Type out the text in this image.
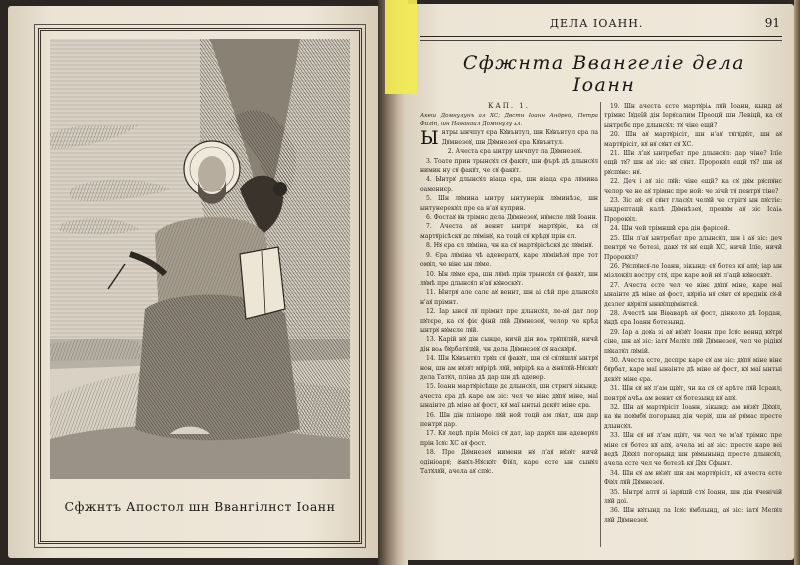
Сфжнтъ Апостол шн Ввангілнст Іоанн
ДЕЛА ІОАНН.	91
Сфжнта Ввангеліе дела Іоанн

КАП. 1.

Акеш Домнулунъ ал ХС; Двстн Іоанн Андрей, Петра Филіп, шн Наѳанаил Домннулу ѧл.

Ынтры ынчпут єра Кꙋвънтул, шн Кꙋвънтул єра ла Дꙋмнезеꙋ, шн Дꙋмнезеꙋ єра Кꙋвънтул.

2. Ачеста єра ынтру ынчпут ла Дꙋмнезеꙋ.

3. Тоате прин трынсꙋл сꙋ факꙋт, шн фърѣ дѣ длынсꙋл нимик ну сꙋ факꙋт, че сꙋ факꙋт.

4. Ынтрꙋ длынсꙋл віаца єра, шн віаца єра лꙋмина оамениєр.

5. Шн лꙋмина ынтру ынтунерік лꙋминѣзє, шн ынтунерекꙋл пре єа н'аꙋ куприн.

6. Фостаꙋ ꙋн трімнс дела Дꙋмнезеꙋ, нꙋмєле лꙋй Іоанн.

7. Ачеста аꙋ веннт ынтрꙋ мартꙋріє, ка сꙋ мартꙋрісѣскꙋ дє лꙋмінꙋ, ка тоцй сꙋ крѣдꙋ прін єл.

8. Нꙋ єра єл лꙋміна, чн ка сꙋ мартꙋрісѣскꙋ дє лꙋмінꙋ.

9. Єра лꙋміна чѣ адевератꙋ, каре лꙋмінѣзꙋ пре тот омꙋл, че вінє ын лꙋме.

10. Ын лꙋме єра, шн лꙋмѣ прін трынсꙋл сꙋ факꙋт, шн лꙋмѣ пре длынсꙋл н'аꙋ кꙋноскꙋт.

11. Ынтрꙋ але салє аꙋ веннт, шн аі сѣй пре длынсꙋл н'аꙋ прімнт.

12. Іар ынсꙋ лꙋ прімнт пре длынсꙋл, ле-аꙋ дат лор пꙋтєре, ка сꙋ фіє фінй лꙋй Дꙋмнезеꙋ, челор че крѣд ынтрꙋ нꙋмєле лꙋй.

13. Карій нꙋ дін сынџе, ничй дін воѧ трꙋпꙋлꙋй, ничй дін воѧ бꙋрбатꙋлꙋй, чн дела Дꙋмнезеꙋ сꙋ наскꙋрꙋ.

14. Шн Кꙋвънтꙋл трꙋп сꙋ факꙋт, шн сꙋ сꙋлꙋшлꙋ ынтрꙋ нон, шн ам вꙋзꙋт мꙋрірѣ лꙋй, мꙋрірѣ ка а Ꙋнꙋлꙋй-Нꙋскꙋт дела Татꙋл, пліна дѣ дар шн дѣ адевер.

15. Іоанн мартꙋрісѣще дє длынсꙋл, шн стрнгꙋ зікынд: ачеста єра дѣ каре ам зіс: чел че вінє дꙋпꙋ міне, маї ынаінте дѣ міне аꙋ фост, кꙋ маї ынтыі дєкꙋт міне єра.

16. Шн дін пліноре лꙋй ной тоцй ам лꙋат, шн дар пентрꙋ дар.

17. Кꙋ леџѣ прін Моісі сꙋ дат, іар дарꙋл шн адеверꙋл прін Ісꙋс ХС аꙋ фост.

18. Пре Дꙋмнезеꙋ нимени нꙋ л'аꙋ вꙋзꙋт ничй одініоарꙋ; Ꙋнꙋл-Нꙋскꙋт Фіꙋл, каре єсте ын сынꙋл Татꙋлꙋй, ачела аꙋ спꙋс.

19. Шн ачеста єсте мартꙋріѧ лꙋй Іоанн, кынд аꙋ трімнс Іꙋдеїй дін Іерꙋсалим Преоцй шн Левіцй, ка сꙋ ынтрєбє пре длынсꙋл: тꙋ чіне ещй?

20. Шн аꙋ мартꙋрісіт, шн н'аꙋ тꙋгꙋдꙋіт, шн аꙋ мартꙋрісіт, кꙋ нꙋ сꙋнт єꙋ ХС.

21. Шн л'аꙋ ынтрєбат пре длынсꙋл: дар чіне? Ілїе ещй тꙋ? шн аꙋ зіс: нꙋ сꙋнт. Пророкꙋл ещй тꙋ? шн аꙋ рꙋспꙋнс: нꙋ.

22. Деч і аꙋ зіс лꙋй: чіне ещй? ка сꙋ дꙋм рꙋспꙋнс челор че не аꙋ трімнс пре ной: че зічй тꙋ пентрꙋ тіне?

23. Зіс аꙋ: єꙋ сꙋнт гласꙋл челꙋй че стрігꙋ ын пꙋстіє: ындрептацй калѣ Дꙋмнѣзеꙋ, прекꙋм аꙋ зіс Ісаіѧ Пророкꙋл.

24. Шн чей трімншй єра дін фарісей.

25. Шн л'аꙋ ынтрєбат пре длынсꙋл, шн і аꙋ зіс: деч пентрꙋ че ботезі, дакꙋ тꙋ нꙋ ещй ХС, ничй Ілїе, ничй Пророкꙋл?

26. Рꙋспꙋнсꙋ-ле Іоанн, зікынд: єꙋ ботез кꙋ апꙋ; іар ын мізлокꙋл востру стꙋ, пре каре вой нꙋ л'ацй кꙋноскꙋт.

27. Ачеста єсте чел че вінє дꙋпꙋ міне, каре маї ынаінте дѣ міне аꙋ фост, кꙋрꙋіа нꙋ сꙋнт єꙋ вреднік сꙋ-й дєзлег кꙋрꙋлꙋ ынкꙋлцꙋмінтєй.

28. Ачестѣ ын Віѳаварѣ аꙋ фост, дінколо дѣ Іордан, ꙋндѣ єра Іоанн ботезынд.

29. Іар а доꙋа зі аꙋ вꙋзꙋт Іоанн пре Ісꙋс веннд кꙋтрꙋ сіне, шн аꙋ зіс: іатꙋ Мелꙋл лꙋй Дꙋмнезеꙋ, чел че рідікꙋ пꙋкатꙋл лꙋмій.

30. Ачеста єсте, дєспрє каре єꙋ ам зіс: дꙋпꙋ міне вінє бꙋрбат, каре маї ынаінте дѣ міне аꙋ фост, кꙋ маї ынтыі дєкꙋт міне єра.

31. Шн єꙋ нꙋ л'ам щіꙋт, чн ка сꙋ сꙋ арѣте лꙋй Ісраил, пентрꙋ ачѣѧ ам веннт єꙋ ботезынд кꙋ апꙋ.

32. Шн аꙋ мартꙋрісіт Іоанн, зікынд: ам вꙋзꙋт Дꙋхꙋл, ка ꙋн поꙋмбꙋ погорынд дін черіꙋ, шн аꙋ рꙋмас престе длынсꙋл.

33. Шн єꙋ нꙋ л'ам щіꙋт, чн чел че м'аꙋ трімнс пре міне сꙋ ботез кꙋ апꙋ, ачела мі аꙋ зіс: престе каре веі ведѣ Дꙋхꙋл погорынд шн рꙋмынынд престе длынсꙋл, ачела єсте чел че ботезѣ кꙋ Дꙋх Сфынт.

34. Шн єꙋ ам вꙋзꙋт шн ам мартꙋрісіт, кꙋ ачеста єсте Фіꙋл лꙋй Дꙋмнезеꙋ.

35. Ынтрꙋ алтꙋ зі іарꙋшй стꙋ Іоанн, шн дін ꙋченічій лꙋй доі.

36. Шн кꙋтынд ла Ісꙋс ꙋмблынд, аꙋ зіс: іатꙋ Мелꙋл лꙋй Дꙋмнезеꙋ.
